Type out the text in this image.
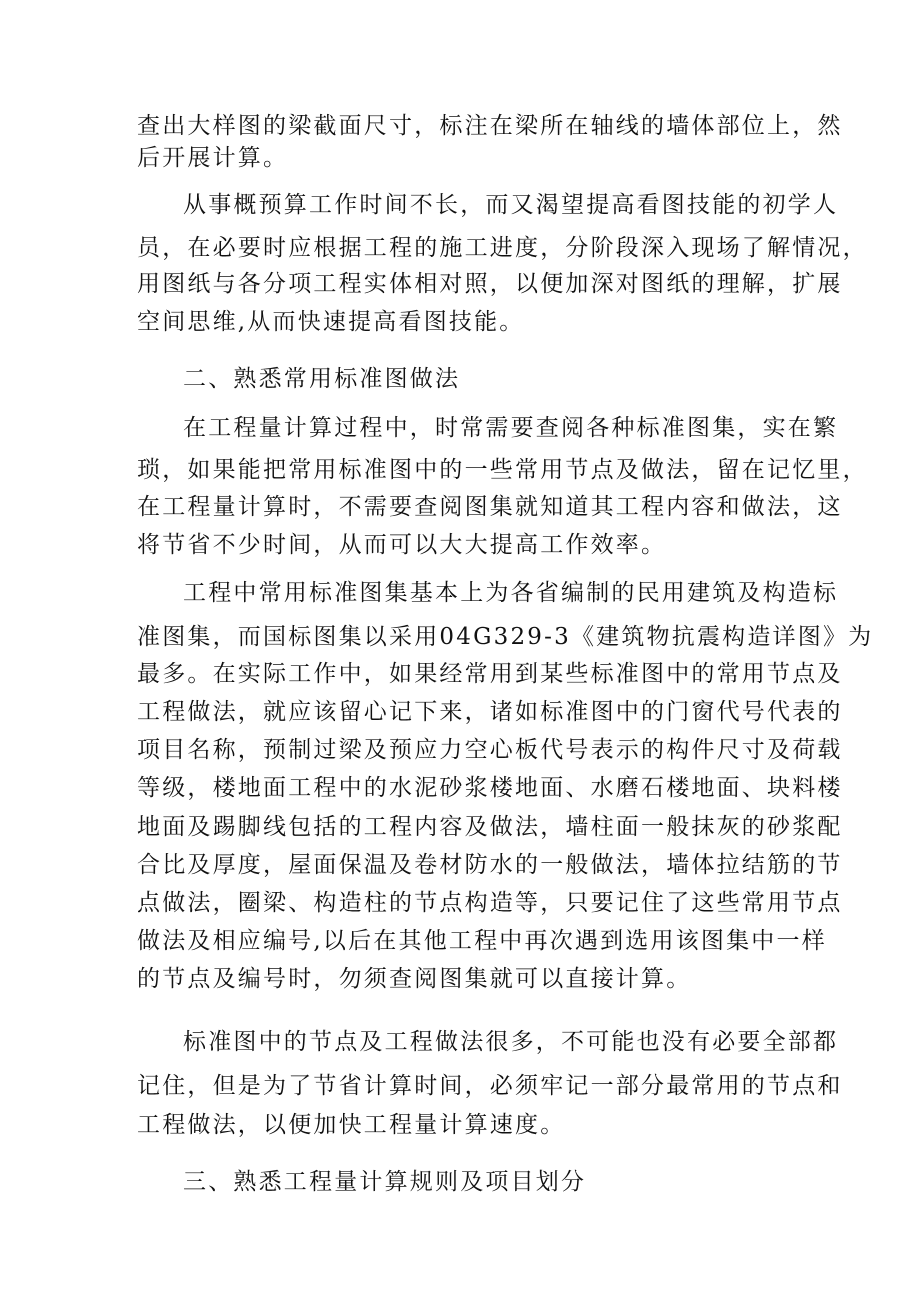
查出大样图的梁截面尺寸，标注在梁所在轴线的墙体部位上，然
后开展计算。
从事概预算工作时间不长，而又渴望提高看图技能的初学人
员，在必要时应根据工程的施工进度，分阶段深入现场了解情况，
用图纸与各分项工程实体相对照，以便加深对图纸的理解，扩展
空间思维,从而快速提高看图技能。
二、熟悉常用标准图做法
在工程量计算过程中，时常需要查阅各种标准图集，实在繁
琐，如果能把常用标准图中的一些常用节点及做法，留在记忆里，
在工程量计算时，不需要查阅图集就知道其工程内容和做法，这
将节省不少时间，从而可以大大提高工作效率。
工程中常用标准图集基本上为各省编制的民用建筑及构造标
准图集，而国标图集以采用04G329-3《建筑物抗震构造详图》为
最多。在实际工作中，如果经常用到某些标准图中的常用节点及
工程做法，就应该留心记下来，诸如标准图中的门窗代号代表的
项目名称，预制过梁及预应力空心板代号表示的构件尺寸及荷载
等级，楼地面工程中的水泥砂浆楼地面、水磨石楼地面、块料楼
地面及踢脚线包括的工程内容及做法，墙柱面一般抹灰的砂浆配
合比及厚度，屋面保温及卷材防水的一般做法，墙体拉结筋的节
点做法，圈梁、构造柱的节点构造等，只要记住了这些常用节点
做法及相应编号,以后在其他工程中再次遇到选用该图集中一样
的节点及编号时，勿须查阅图集就可以直接计算。
标准图中的节点及工程做法很多，不可能也没有必要全部都
记住，但是为了节省计算时间，必须牢记一部分最常用的节点和
工程做法，以便加快工程量计算速度。
三、熟悉工程量计算规则及项目划分
